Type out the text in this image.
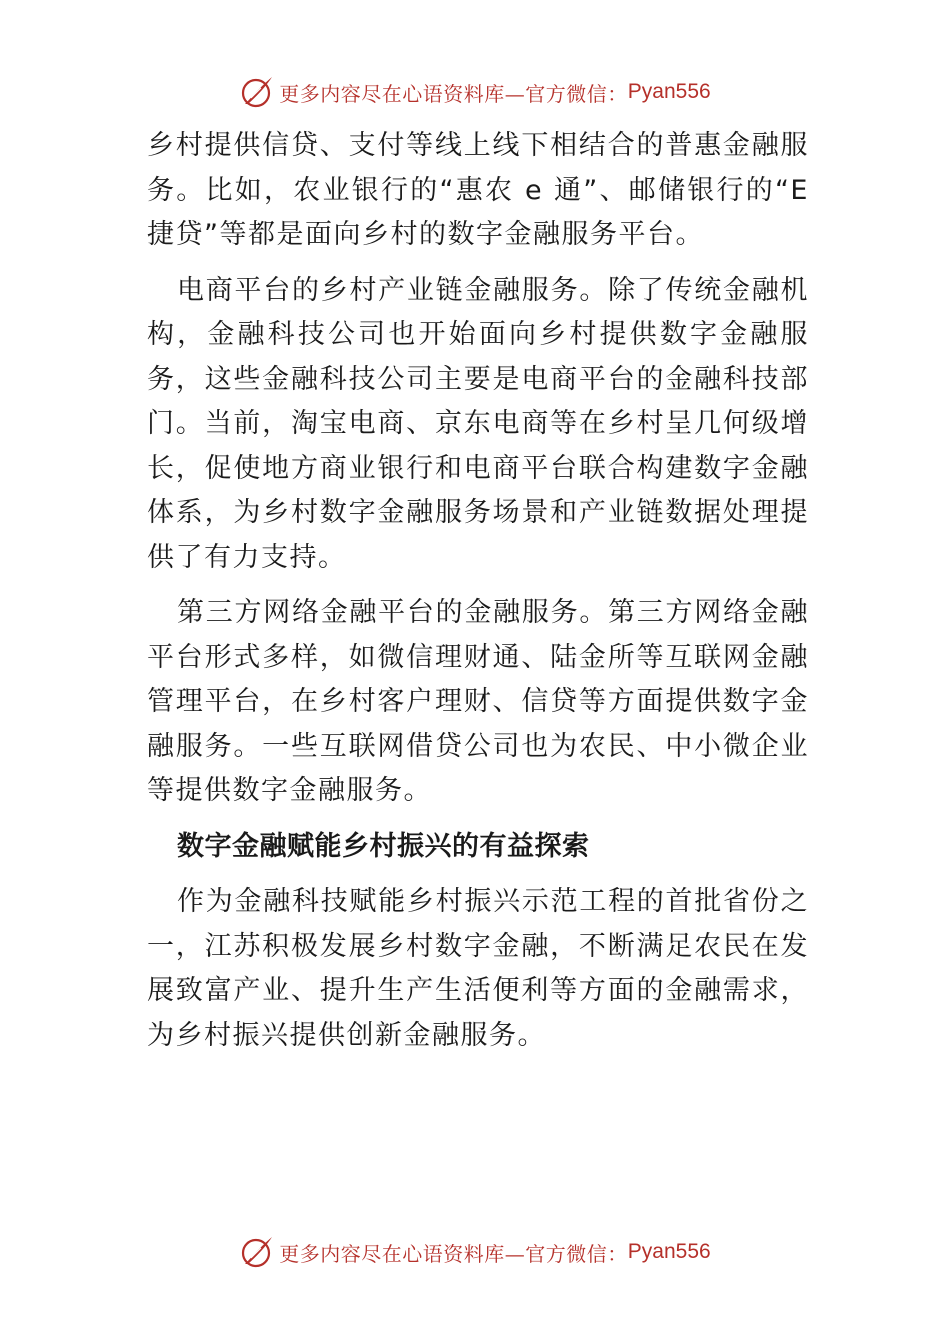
更多内容尽在心语资料库—官方微信： Pyan556

乡村提供信贷、支付等线上线下相结合的普惠金融服务。比如，农业银行的“惠农 e 通”、邮储银行的“E 捷贷”等都是面向乡村的数字金融服务平台。

电商平台的乡村产业链金融服务。除了传统金融机构，金融科技公司也开始面向乡村提供数字金融服务，这些金融科技公司主要是电商平台的金融科技部门。当前，淘宝电商、京东电商等在乡村呈几何级增长，促使地方商业银行和电商平台联合构建数字金融体系，为乡村数字金融服务场景和产业链数据处理提供了有力支持。

第三方网络金融平台的金融服务。第三方网络金融平台形式多样，如微信理财通、陆金所等互联网金融管理平台，在乡村客户理财、信贷等方面提供数字金融服务。一些互联网借贷公司也为农民、中小微企业等提供数字金融服务。

数字金融赋能乡村振兴的有益探索

作为金融科技赋能乡村振兴示范工程的首批省份之一，江苏积极发展乡村数字金融，不断满足农民在发展致富产业、提升生产生活便利等方面的金融需求，为乡村振兴提供创新金融服务。

更多内容尽在心语资料库—官方微信： Pyan556
